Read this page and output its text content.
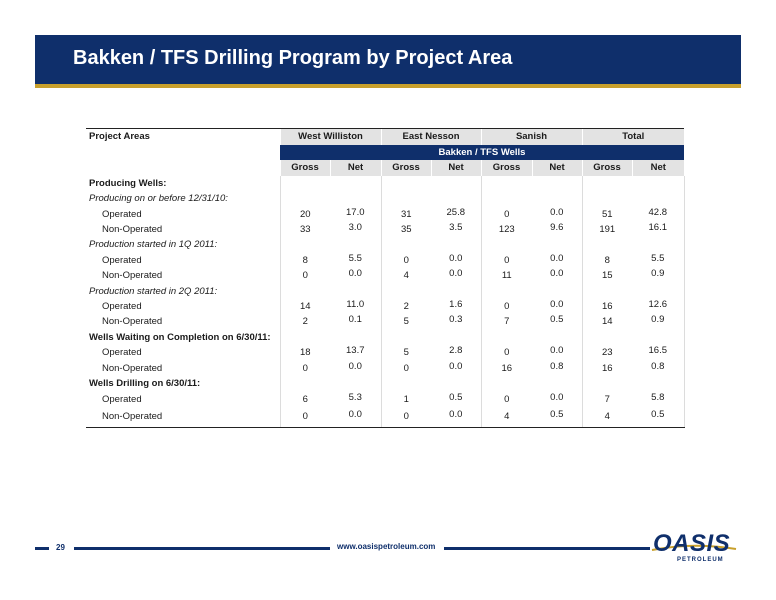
Bakken / TFS Drilling Program by Project Area
Project Areas	West Williston		East Nesson		Sanish		Total	
	Bakken / TFS Wells							
	Gross	Net	Gross	Net	Gross	Net	Gross	Net
Producing Wells:								
Producing on or before 12/31/10:								
Operated	20	17.0	31	25.8	0	0.0	51	42.8
Non-Operated	33	3.0	35	3.5	123	9.6	191	16.1
Production started in 1Q 2011:								
Operated	8	5.5	0	0.0	0	0.0	8	5.5
Non-Operated	0	0.0	4	0.0	11	0.0	15	0.9
Production started in 2Q 2011:								
Operated	14	11.0	2	1.6	0	0.0	16	12.6
Non-Operated	2	0.1	5	0.3	7	0.5	14	0.9
Wells Waiting on Completion on 6/30/11:								
Operated	18	13.7	5	2.8	0	0.0	23	16.5
Non-Operated	0	0.0	0	0.0	16	0.8	16	0.8
Wells Drilling on 6/30/11:								
Operated	6	5.3	1	0.5	0	0.0	7	5.8
Non-Operated	0	0.0	0	0.0	4	0.5	4	0.5
29	www.oasispetroleum.com	OASIS
PETROLEUM
